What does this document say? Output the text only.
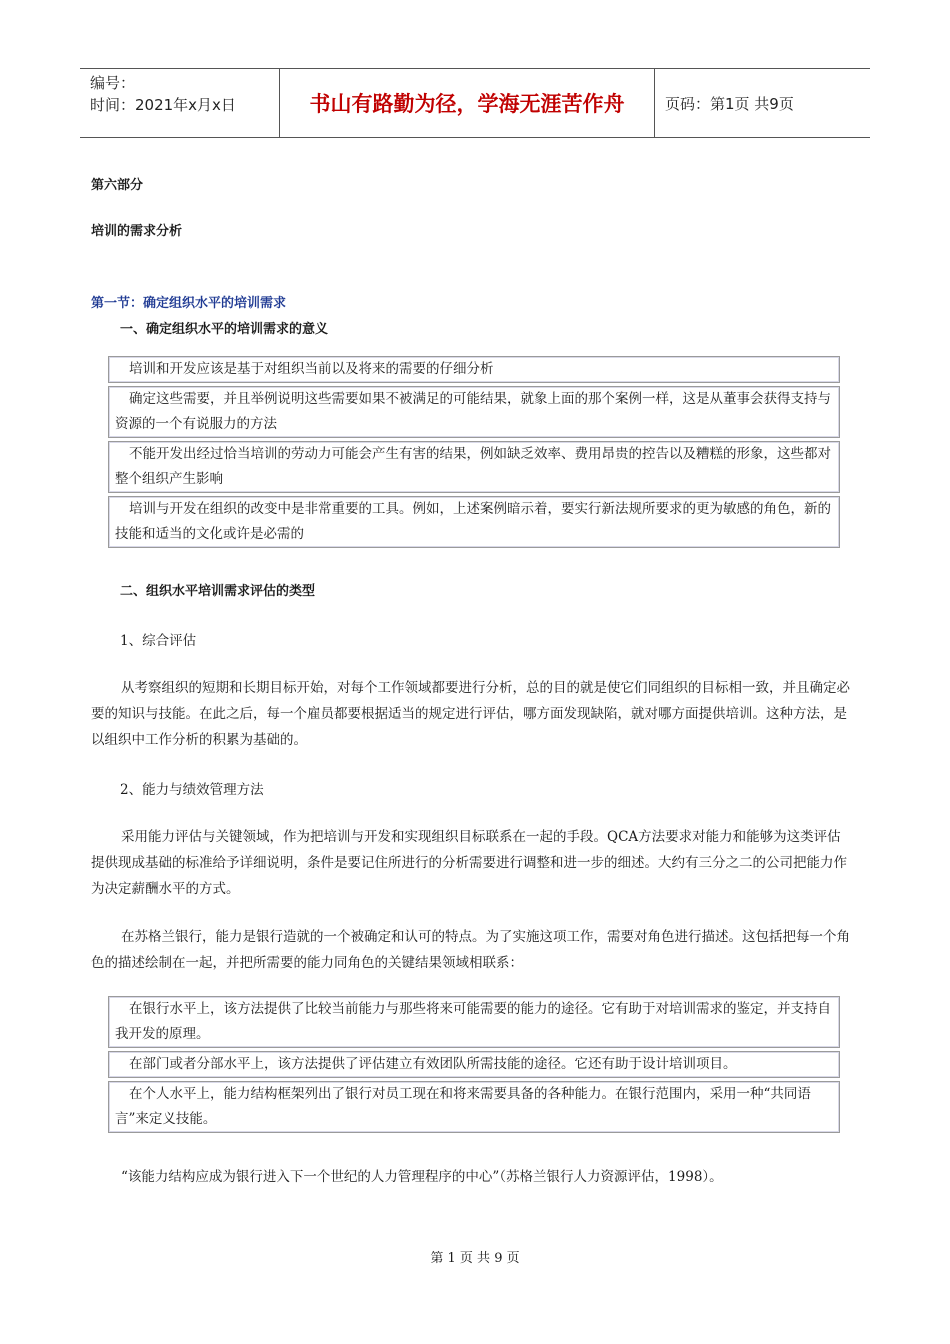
编号：
时间：2021年x月x日	书山有路勤为径，学海无涯苦作舟	页码：第1页 共9页
第六部分
培训的需求分析
第一节：确定组织水平的培训需求
一、确定组织水平的培训需求的意义
培训和开发应该是基于对组织当前以及将来的需要的仔细分析
确定这些需要，并且举例说明这些需要如果不被满足的可能结果，就象上面的那个案例一样，这是从董事会获得支持与资源的一个有说服力的方法
不能开发出经过恰当培训的劳动力可能会产生有害的结果，例如缺乏效率、费用昂贵的控告以及糟糕的形象，这些都对整个组织产生影响
培训与开发在组织的改变中是非常重要的工具。例如，上述案例暗示着，要实行新法规所要求的更为敏感的角色，新的技能和适当的文化或许是必需的
二、组织水平培训需求评估的类型
1、综合评估
从考察组织的短期和长期目标开始，对每个工作领域都要进行分析，总的目的就是使它们同组织的目标相一致，并且确定必要的知识与技能。在此之后，每一个雇员都要根据适当的规定进行评估，哪方面发现缺陷，就对哪方面提供培训。这种方法，是以组织中工作分析的积累为基础的。
2、能力与绩效管理方法
采用能力评估与关键领域，作为把培训与开发和实现组织目标联系在一起的手段。QCA方法要求对能力和能够为这类评估提供现成基础的标准给予详细说明，条件是要记住所进行的分析需要进行调整和进一步的细述。大约有三分之二的公司把能力作为决定薪酬水平的方式。
在苏格兰银行，能力是银行造就的一个被确定和认可的特点。为了实施这项工作，需要对角色进行描述。这包括把每一个角色的描述绘制在一起，并把所需要的能力同角色的关键结果领域相联系：
在银行水平上，该方法提供了比较当前能力与那些将来可能需要的能力的途径。它有助于对培训需求的鉴定，并支持自我开发的原理。
在部门或者分部水平上，该方法提供了评估建立有效团队所需技能的途径。它还有助于设计培训项目。
在个人水平上，能力结构框架列出了银行对员工现在和将来需要具备的各种能力。在银行范围内，采用一种“共同语言”来定义技能。
“该能力结构应成为银行进入下一个世纪的人力管理程序的中心”（苏格兰银行人力资源评估，1998）。
第 1 页 共 9 页
